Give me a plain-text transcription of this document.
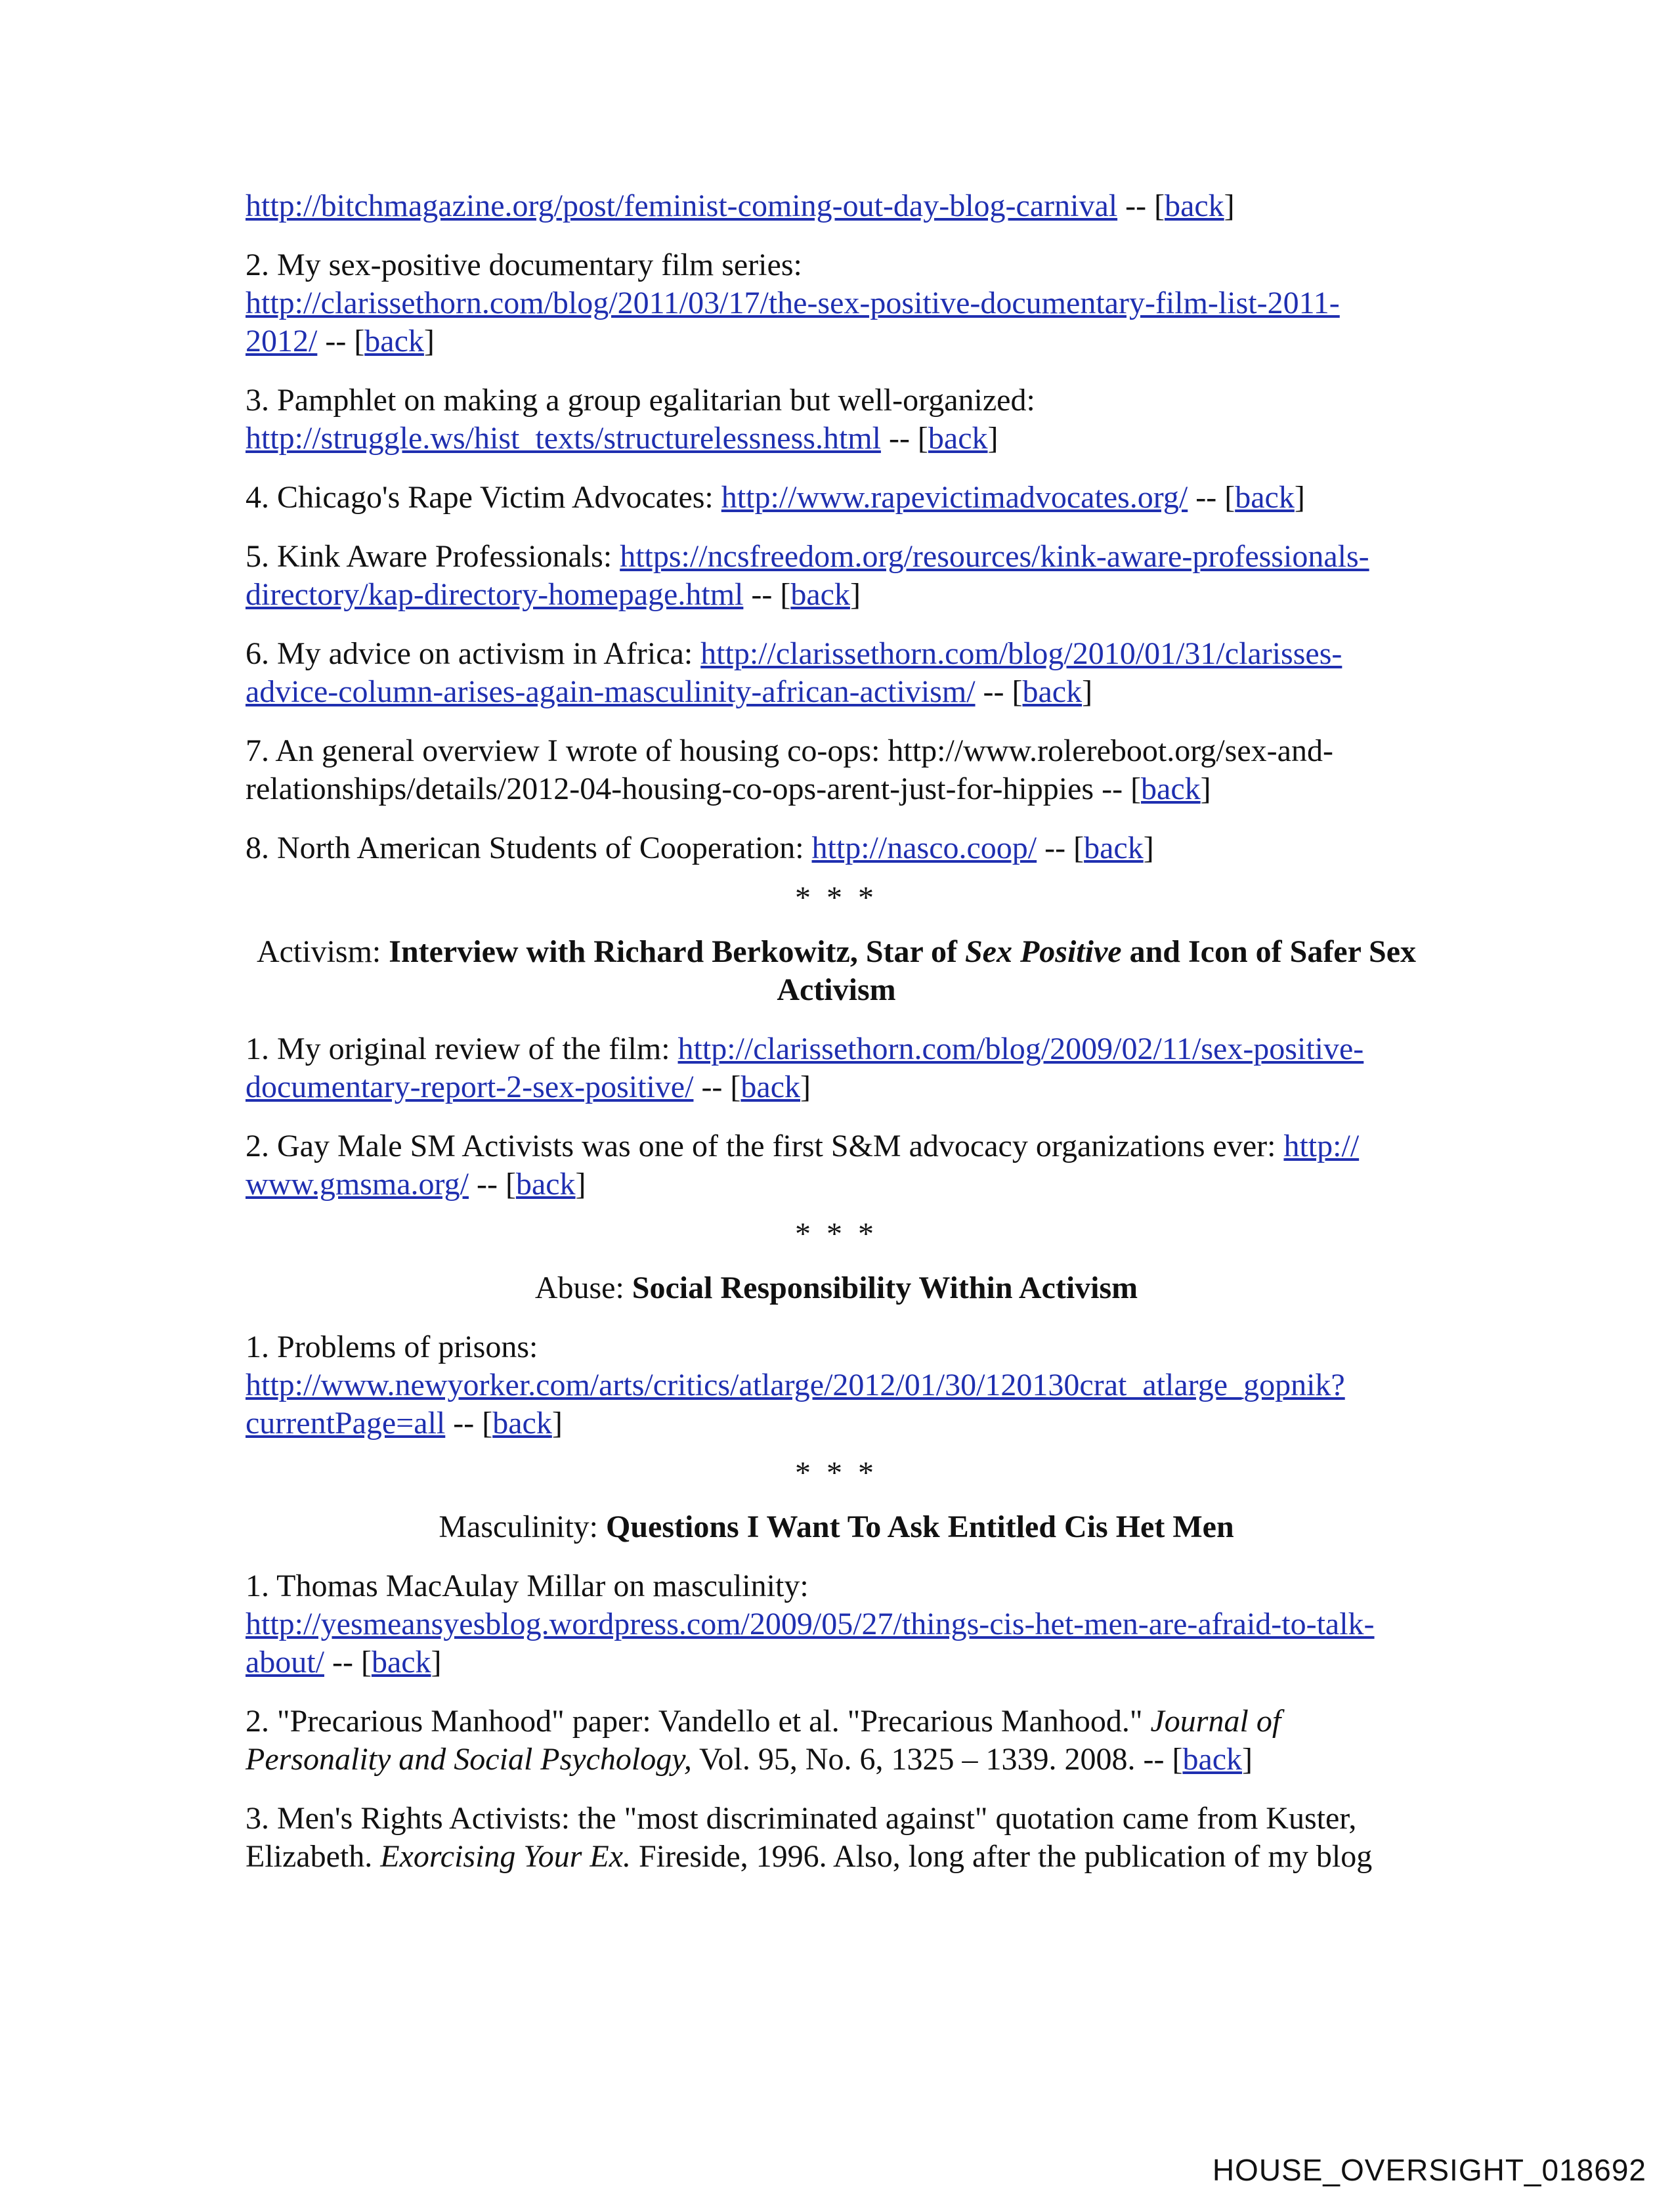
http://bitchmagazine.org/post/feminist-coming-out-day-blog-carnival -- [back]

2. My sex-positive documentary film series:
http://clarissethorn.com/blog/2011/03/17/the-sex-positive-documentary-film-list-2011-
2012/ -- [back]

3. Pamphlet on making a group egalitarian but well-organized:
http://struggle.ws/hist_texts/structurelessness.html -- [back]

4. Chicago's Rape Victim Advocates: http://www.rapevictimadvocates.org/ -- [back]

5. Kink Aware Professionals: https://ncsfreedom.org/resources/kink-aware-professionals-
directory/kap-directory-homepage.html -- [back]

6. My advice on activism in Africa: http://clarissethorn.com/blog/2010/01/31/clarisses-
advice-column-arises-again-masculinity-african-activism/ -- [back]

7. An general overview I wrote of housing co-ops: http://www.rolereboot.org/sex-and-
relationships/details/2012-04-housing-co-ops-arent-just-for-hippies -- [back]

8. North American Students of Cooperation: http://nasco.coop/ -- [back]

* * *

Activism: Interview with Richard Berkowitz, Star of Sex Positive and Icon of Safer Sex Activism

1. My original review of the film: http://clarissethorn.com/blog/2009/02/11/sex-positive-
documentary-report-2-sex-positive/ -- [back]

2. Gay Male SM Activists was one of the first S&M advocacy organizations ever: http://
www.gmsma.org/ -- [back]

* * *

Abuse: Social Responsibility Within Activism

1. Problems of prisons:
http://www.newyorker.com/arts/critics/atlarge/2012/01/30/120130crat_atlarge_gopnik?
currentPage=all -- [back]

* * *

Masculinity: Questions I Want To Ask Entitled Cis Het Men

1. Thomas MacAulay Millar on masculinity:
http://yesmeansyesblog.wordpress.com/2009/05/27/things-cis-het-men-are-afraid-to-talk-
about/ -- [back]

2. "Precarious Manhood" paper: Vandello et al. "Precarious Manhood." Journal of Personality and Social Psychology, Vol. 95, No. 6, 1325 – 1339. 2008. -- [back]

3. Men's Rights Activists: the "most discriminated against" quotation came from Kuster, Elizabeth. Exorcising Your Ex. Fireside, 1996. Also, long after the publication of my blog

HOUSE_OVERSIGHT_018692
